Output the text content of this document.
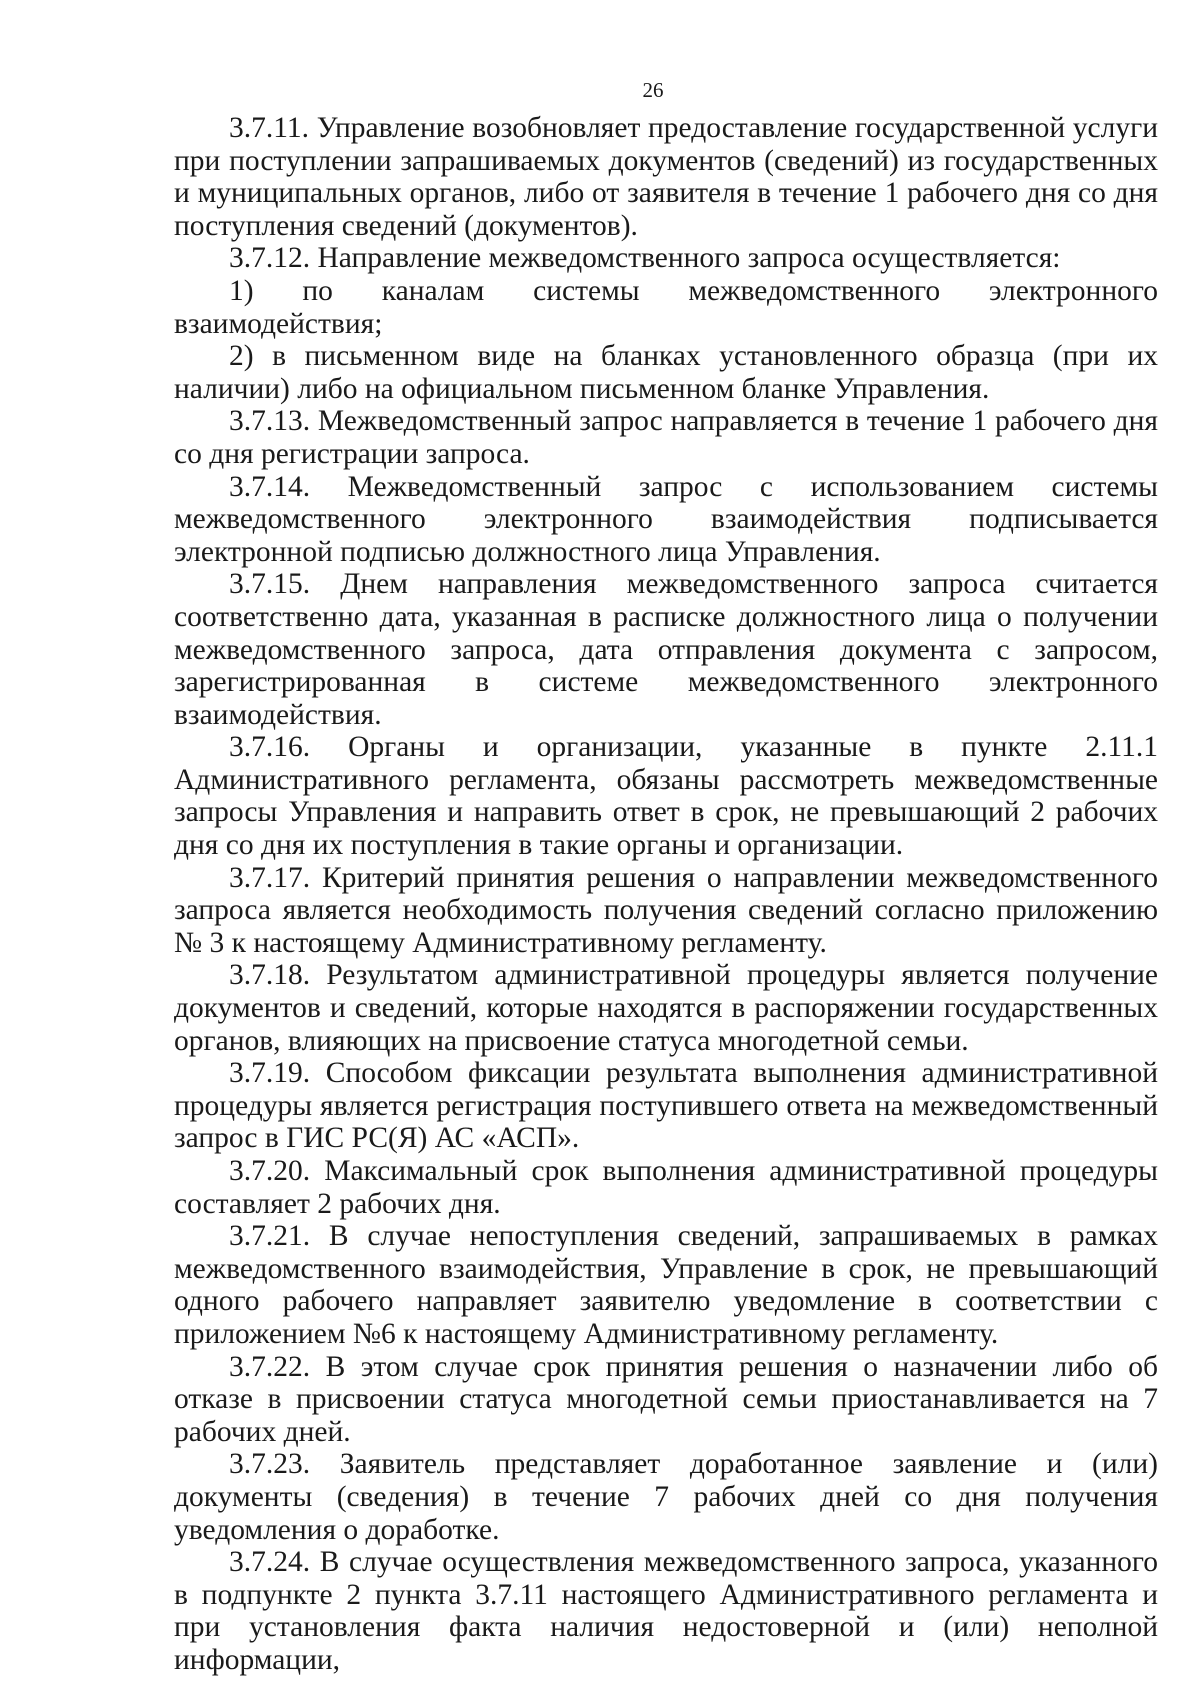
26

3.7.11. Управление возобновляет предоставление государственной услуги при поступлении запрашиваемых документов (сведений) из государственных и муниципальных органов, либо от заявителя в течение 1 рабочего дня со дня поступления сведений (документов).

3.7.12. Направление межведомственного запроса осуществляется:

1) по каналам системы межведомственного электронного взаимодействия;

2) в письменном виде на бланках установленного образца (при их наличии) либо на официальном письменном бланке Управления.

3.7.13. Межведомственный запрос направляется в течение 1 рабочего дня со дня регистрации запроса.

3.7.14. Межведомственный запрос с использованием системы межведомственного электронного взаимодействия подписывается электронной подписью должностного лица Управления.

3.7.15. Днем направления межведомственного запроса считается соответственно дата, указанная в расписке должностного лица о получении межведомственного запроса, дата отправления документа с запросом, зарегистрированная в системе межведомственного электронного взаимодействия.

3.7.16. Органы и организации, указанные в пункте 2.11.1 Административного регламента, обязаны рассмотреть межведомственные запросы Управления и направить ответ в срок, не превышающий 2 рабочих дня со дня их поступления в такие органы и организации.

3.7.17. Критерий принятия решения о направлении межведомственного запроса является необходимость получения сведений согласно приложению № 3 к настоящему Административному регламенту.

3.7.18. Результатом административной процедуры является получение документов и сведений, которые находятся в распоряжении государственных органов, влияющих на присвоение статуса многодетной семьи.

3.7.19. Способом фиксации результата выполнения административной процедуры является регистрация поступившего ответа на межведомственный запрос в ГИС РС(Я) АС «АСП».

3.7.20. Максимальный срок выполнения административной процедуры составляет 2 рабочих дня.

3.7.21. В случае непоступления сведений, запрашиваемых в рамках межведомственного взаимодействия, Управление в срок, не превышающий одного рабочего направляет заявителю уведомление в соответствии с приложением №6 к настоящему Административному регламенту.

3.7.22. В этом случае срок принятия решения о назначении либо об отказе в присвоении статуса многодетной семьи приостанавливается на 7 рабочих дней.

3.7.23. Заявитель представляет доработанное заявление и (или) документы (сведения) в течение 7 рабочих дней со дня получения уведомления о доработке.

3.7.24. В случае осуществления межведомственного запроса, указанного в подпункте 2 пункта 3.7.11 настоящего Административного регламента и при установления факта наличия недостоверной и (или) неполной информации,
